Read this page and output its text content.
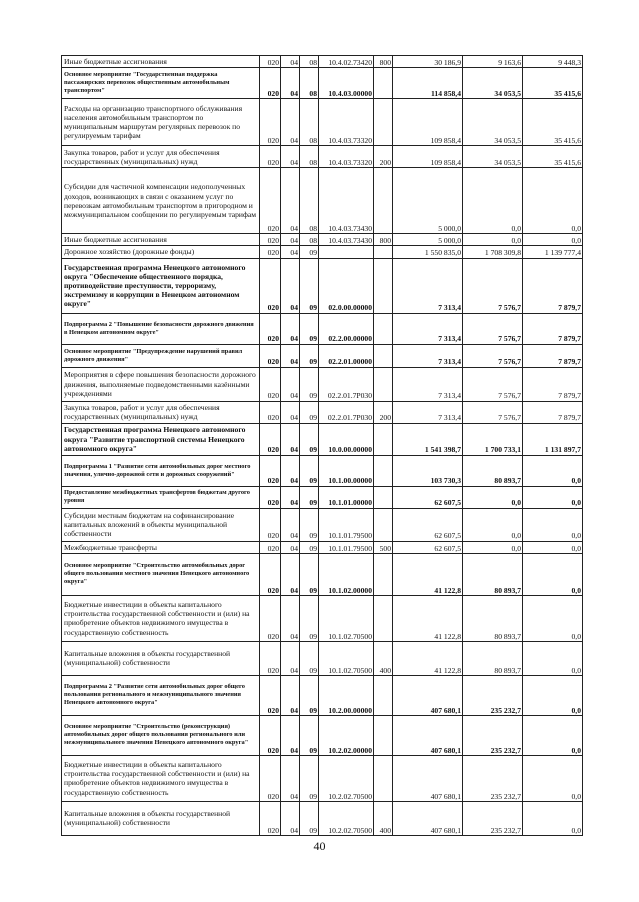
Иные бюджетные ассигнования	020	04	08	10.4.02.73420	800	30 186,9	9 163,6	9 448,3
Основное мероприятие "Государственная поддержка пассажирских перевозок общественным автомобильным транспортом"	020	04	08	10.4.03.00000		114 858,4	34 053,5	35 415,6
Расходы на организацию транспортного обслуживания населения автомобильным транспортом по муниципальным маршрутам регулярных перевозок по регулируемым тарифам	020	04	08	10.4.03.73320		109 858,4	34 053,5	35 415,6
Закупка товаров, работ и услуг для обеспечения государственных (муниципальных) нужд	020	04	08	10.4.03.73320	200	109 858,4	34 053,5	35 415,6
Субсидии для частичной компенсации недополученных доходов, возникающих в связи с оказанием услуг по перевозкам автомобильным транспортом в пригородном и межмуниципальном сообщении по регулируемым тарифам	020	04	08	10.4.03.73430		5 000,0	0,0	0,0
Иные бюджетные ассигнования	020	04	08	10.4.03.73430	800	5 000,0	0,0	0,0
Дорожное хозяйство (дорожные фонды)	020	04	09			1 550 835,0	1 708 309,8	1 139 777,4
Государственная программа Ненецкого автономного округа "Обеспечение общественного порядка, противодействие преступности, терроризму, экстремизму и коррупции в Ненецком автономном округе"	020	04	09	02.0.00.00000		7 313,4	7 576,7	7 879,7
Подпрограмма 2 "Повышение безопасности дорожного движения в Ненецком автономном округе"	020	04	09	02.2.00.00000		7 313,4	7 576,7	7 879,7
Основное мероприятие "Предупреждение нарушений правил дорожного движения"	020	04	09	02.2.01.00000		7 313,4	7 576,7	7 879,7
Мероприятия в сфере повышения безопасности дорожного движения, выполняемые подведомственными казёнными учреждениями	020	04	09	02.2.01.7Р030		7 313,4	7 576,7	7 879,7
Закупка товаров, работ и услуг для обеспечения государственных (муниципальных) нужд	020	04	09	02.2.01.7Р030	200	7 313,4	7 576,7	7 879,7
Государственная программа Ненецкого автономного округа "Развитие транспортной системы Ненецкого автономного округа"	020	04	09	10.0.00.00000		1 541 398,7	1 700 733,1	1 131 897,7
Подпрограмма 1 "Развитие сети автомобильных дорог местного значения, улично-дорожной сети и дорожных сооружений"	020	04	09	10.1.00.00000		103 730,3	80 893,7	0,0
Предоставление межбюджетных трансфертов бюджетам другого уровня	020	04	09	10.1.01.00000		62 607,5	0,0	0,0
Субсидии местным бюджетам на софинансирование капитальных вложений в объекты муниципальной собственности	020	04	09	10.1.01.79500		62 607,5	0,0	0,0
Межбюджетные трансферты	020	04	09	10.1.01.79500	500	62 607,5	0,0	0,0
Основное мероприятие "Строительство автомобильных дорог общего пользования местного значения Ненецкого автономного округа"	020	04	09	10.1.02.00000		41 122,8	80 893,7	0,0
Бюджетные инвестиции в объекты капитального строительства государственной собственности и (или) на приобретение объектов недвижимого имущества в государственную собственность	020	04	09	10.1.02.70500		41 122,8	80 893,7	0,0
Капитальные вложения в объекты государственной (муниципальной) собственности	020	04	09	10.1.02.70500	400	41 122,8	80 893,7	0,0
Подпрограмма 2 "Развитие сети автомобильных дорог общего пользования регионального и межмуниципального значения Ненецкого автономного округа"	020	04	09	10.2.00.00000		407 680,1	235 232,7	0,0
Основное мероприятие "Строительство (реконструкция) автомобильных дорог общего пользования регионального или межмуниципального значения Ненецкого автономного округа"	020	04	09	10.2.02.00000		407 680,1	235 232,7	0,0
Бюджетные инвестиции в объекты капитального строительства государственной собственности и (или) на приобретение объектов недвижимого имущества в государственную собственность	020	04	09	10.2.02.70500		407 680,1	235 232,7	0,0
Капитальные вложения в объекты государственной (муниципальной) собственности	020	04	09	10.2.02.70500	400	407 680,1	235 232,7	0,0
40
